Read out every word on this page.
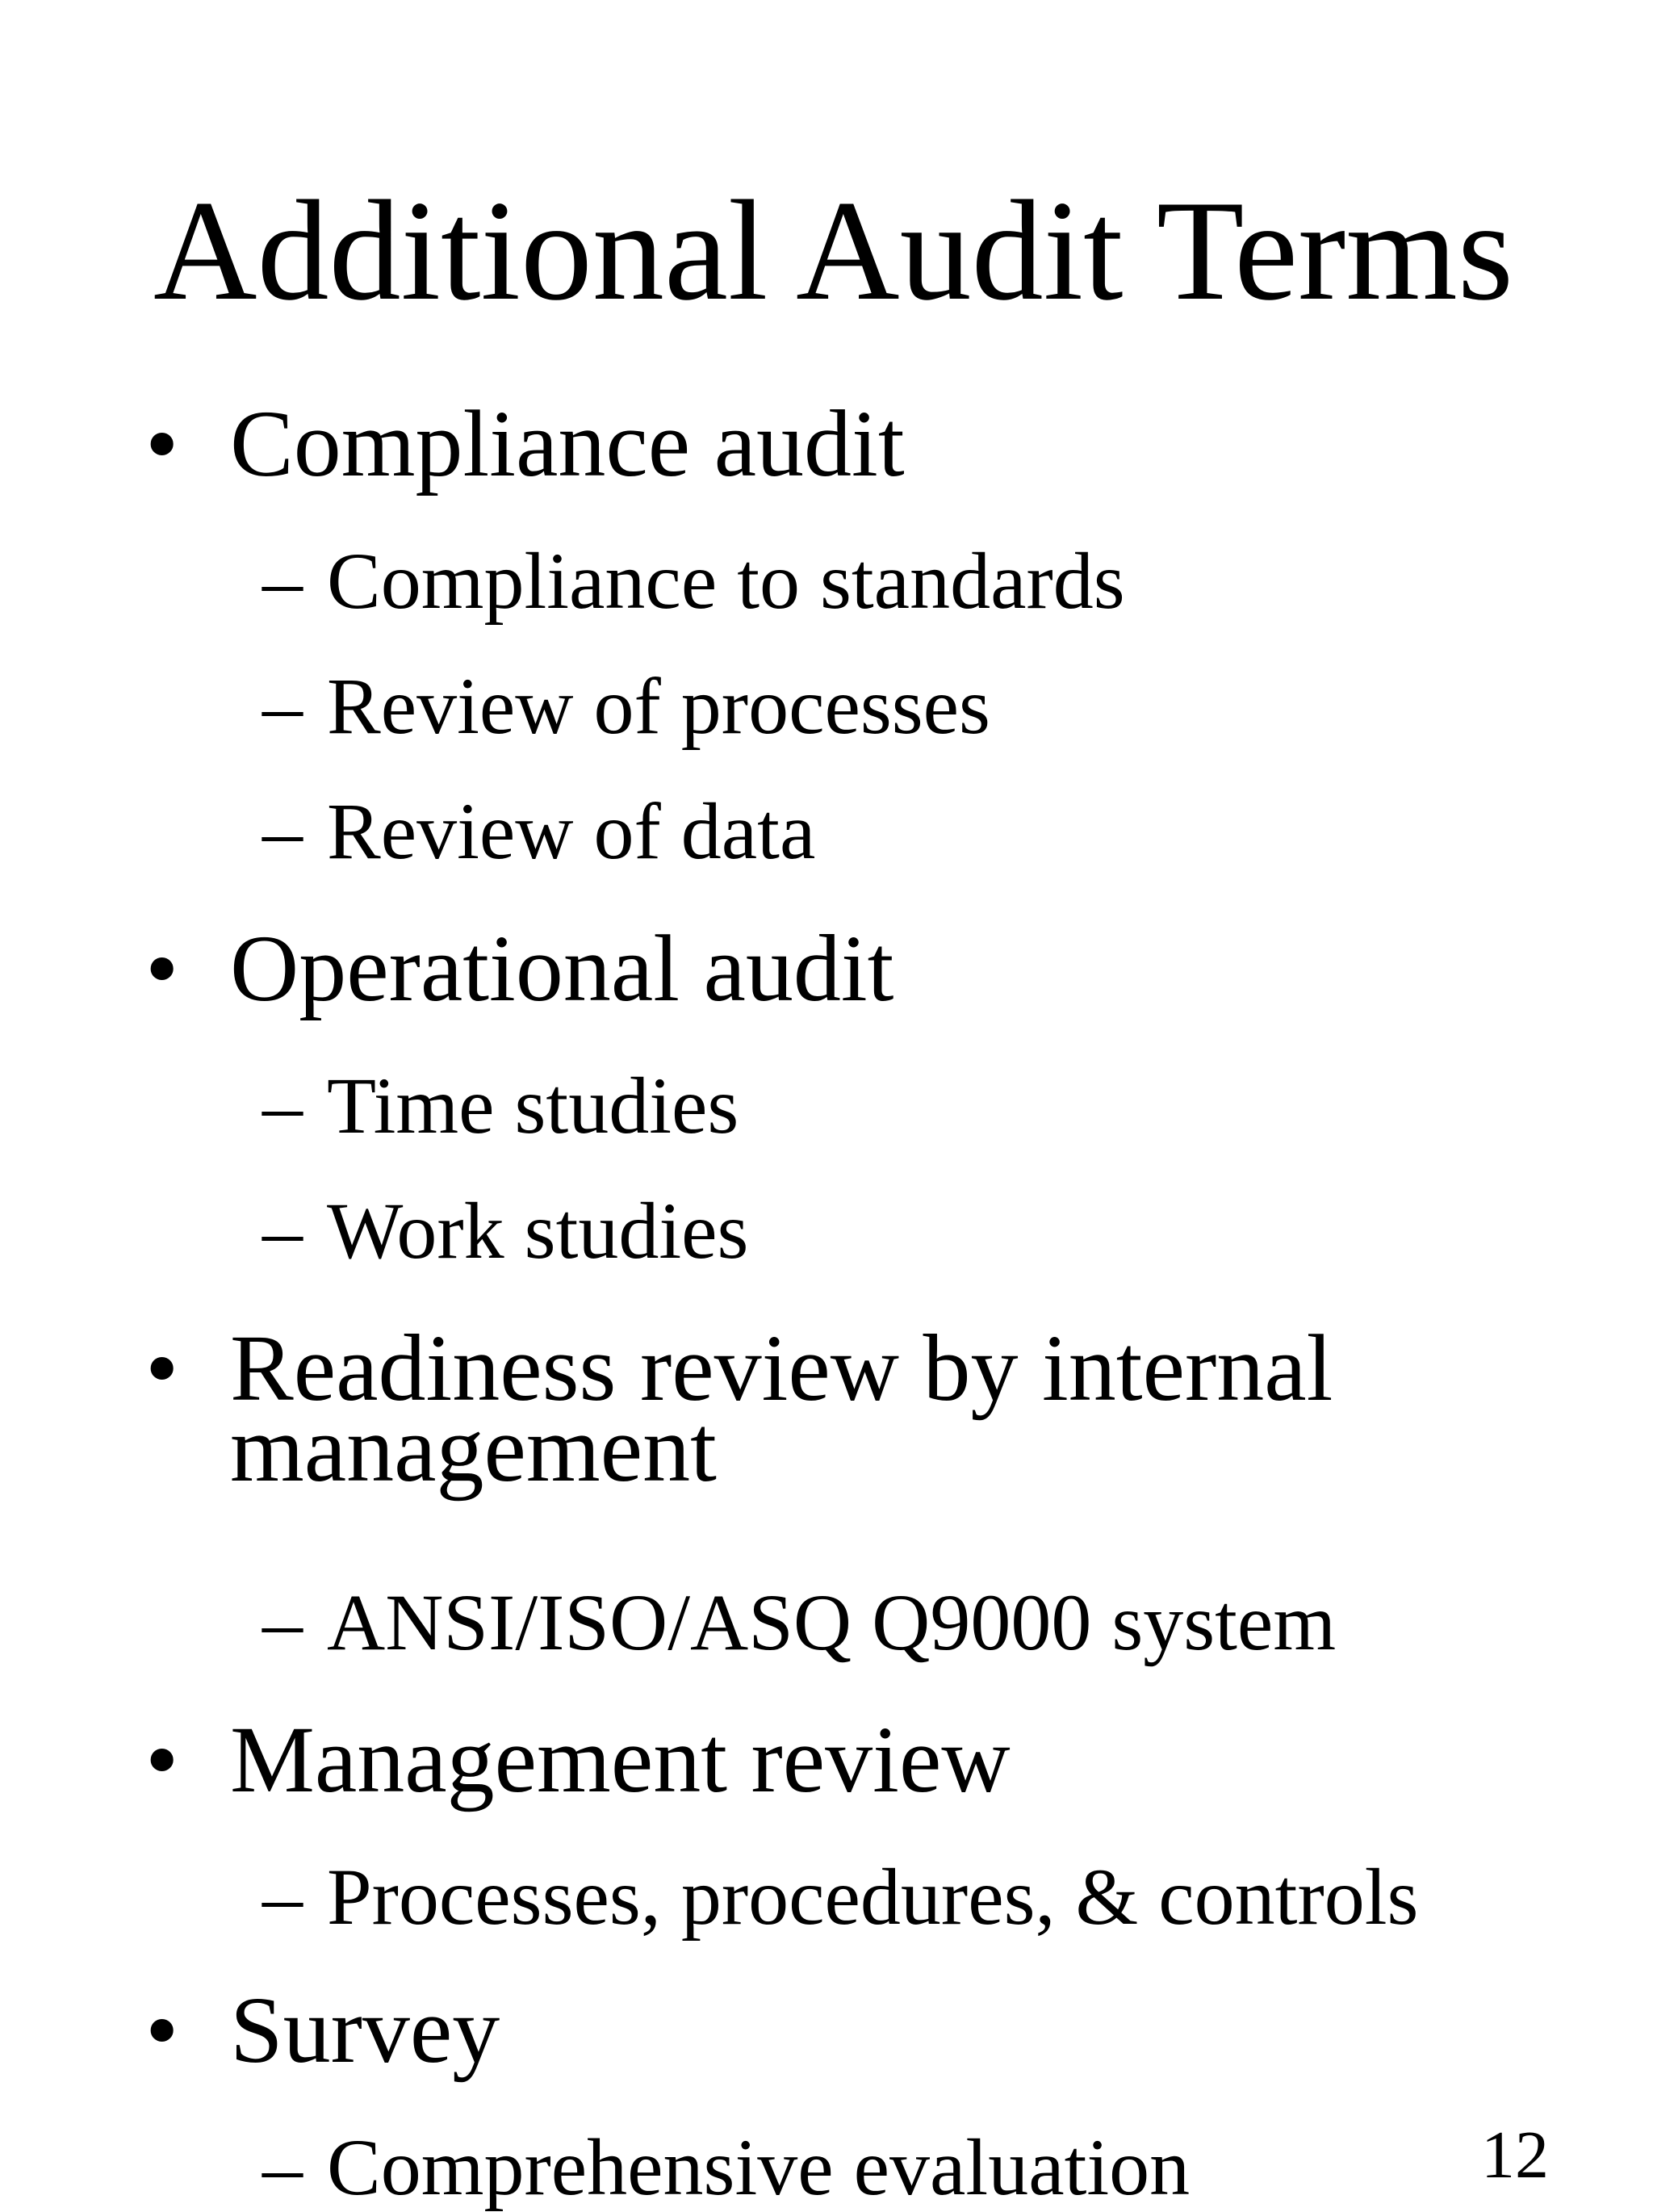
Additional Audit Terms
• Compliance audit
– Compliance to standards
– Review of processes
– Review of data
• Operational audit
– Time studies
– Work studies
• Readiness review by internal
management
– ANSI/ISO/ASQ Q9000 system
• Management review
– Processes, procedures, & controls
• Survey
– Comprehensive evaluation	12
